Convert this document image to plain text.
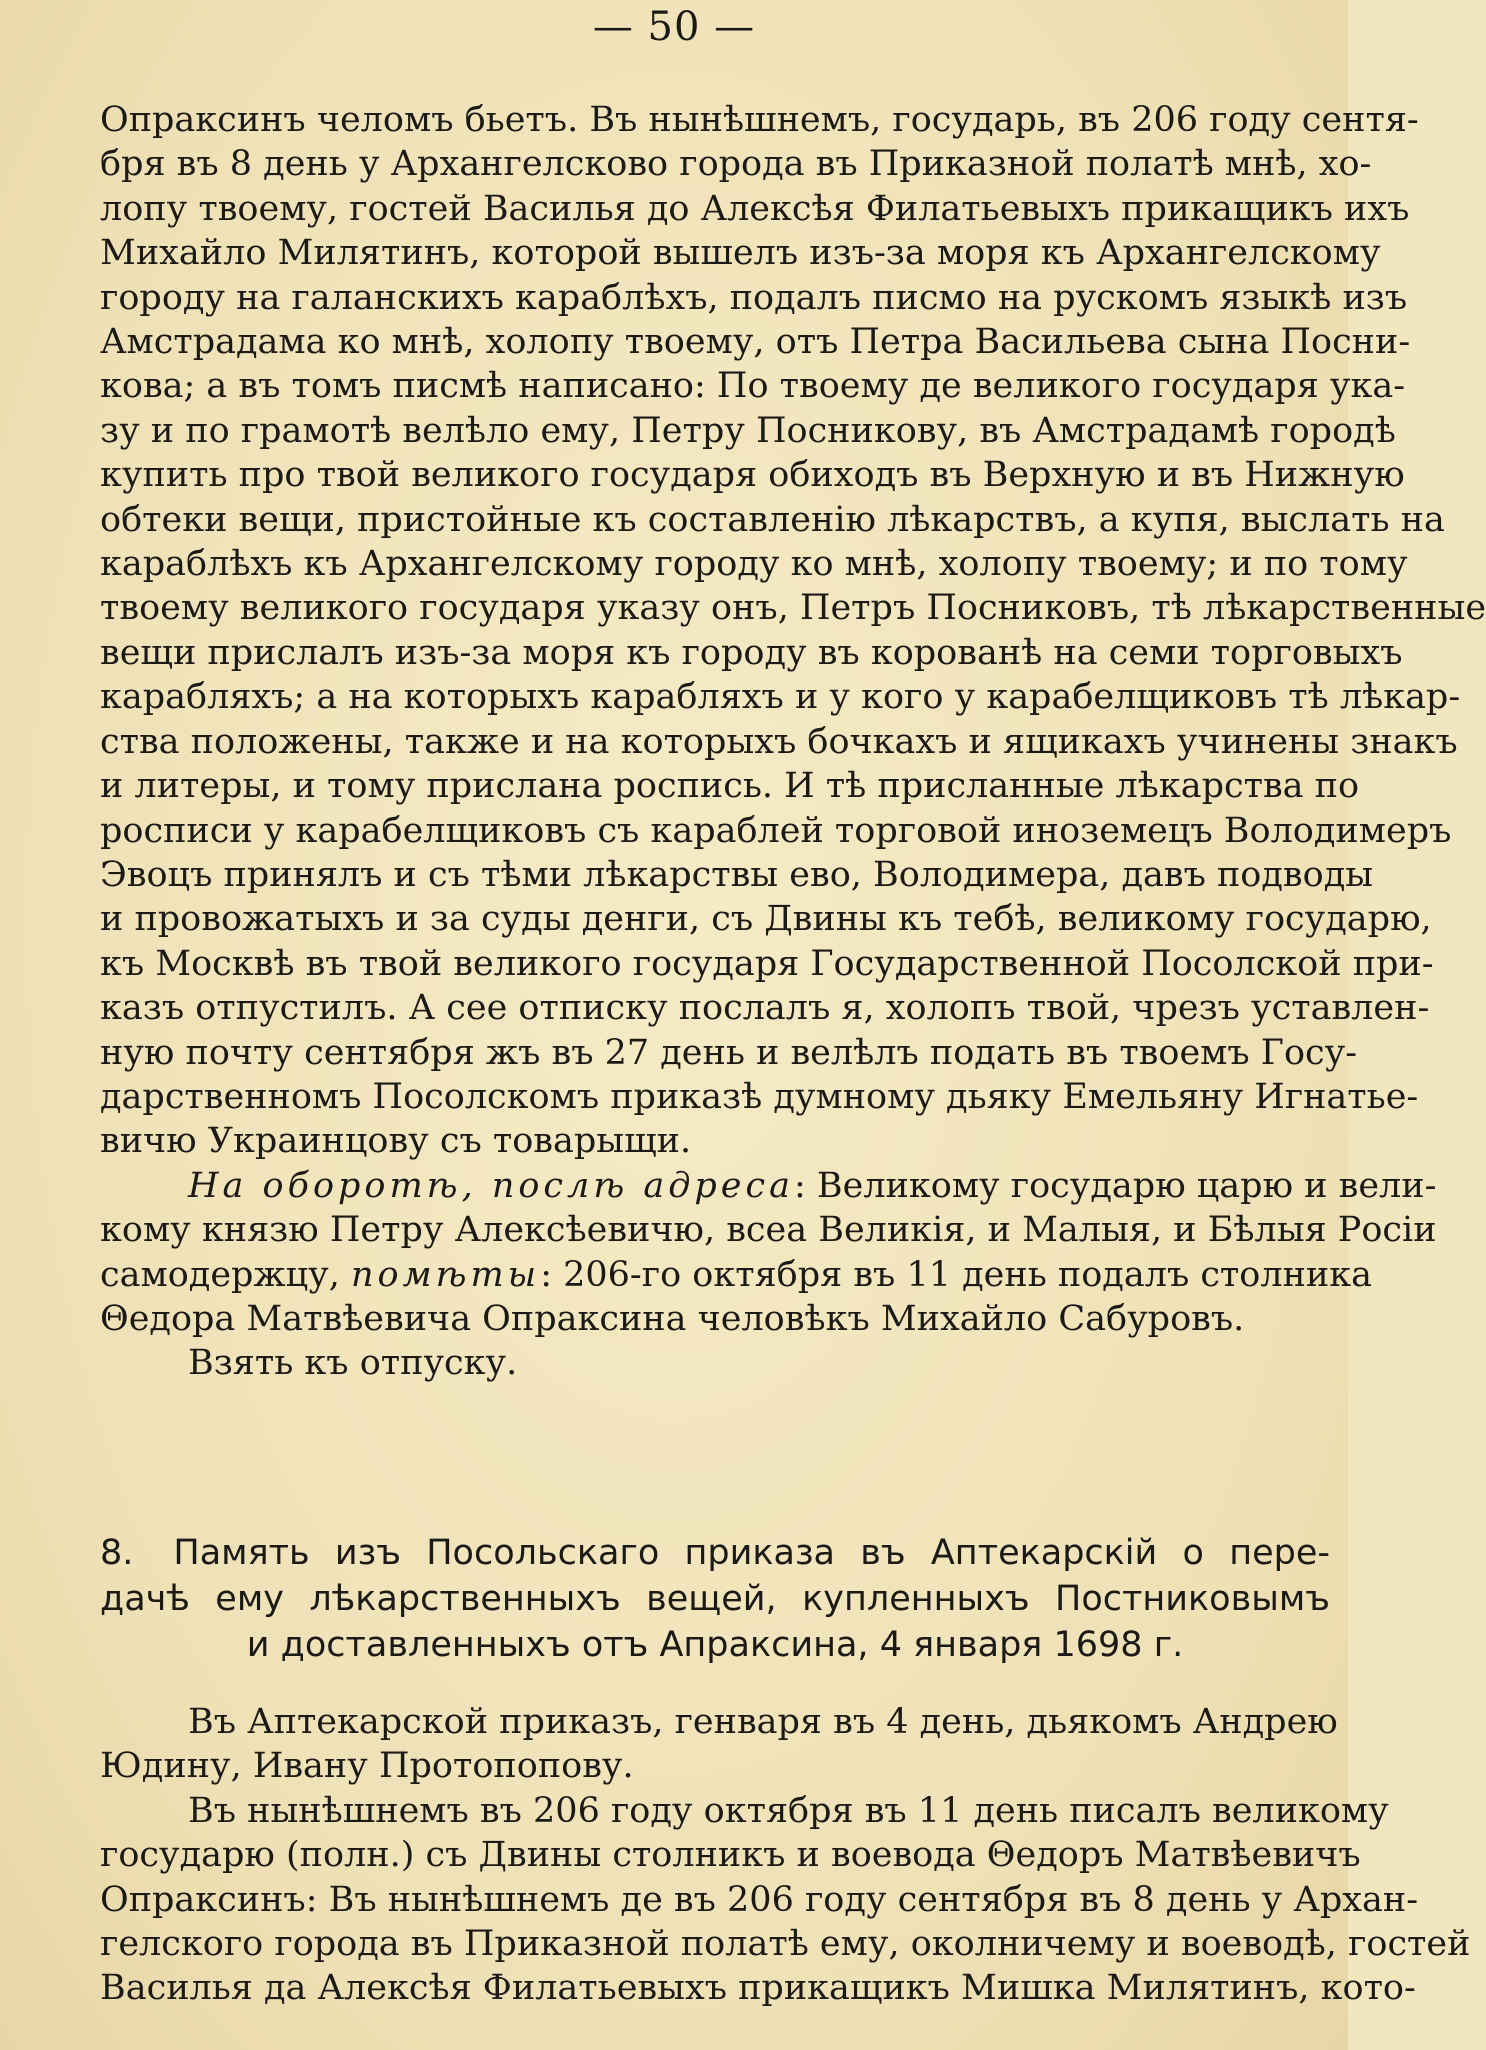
— 50 —

Опраксинъ челомъ бьетъ. Въ нынѣшнемъ, государь, въ 206 году сентя-
бря въ 8 день у Архангелсково города въ Приказной полатѣ мнѣ, хо-
лопу твоему, гостей Василья до Алексѣя Филатьевыхъ прикащикъ ихъ
Михайло Милятинъ, которой вышелъ изъ-за моря къ Архангелскому
городу на галанскихъ караблѣхъ, подалъ писмо на рускомъ языкѣ изъ
Амстрадама ко мнѣ, холопу твоему, отъ Петра Васильева сына Посни-
кова; а въ томъ писмѣ написано: По твоему де великого государя ука-
зу и по грамотѣ велѣло ему, Петру Посникову, въ Амстрадамѣ городѣ
купить про твой великого государя обиходъ въ Верхную и въ Нижную
обтеки вещи, пристойные къ составленiю лѣкарствъ, а купя, выслать на
караблѣхъ къ Архангелскому городу ко мнѣ, холопу твоему; и по тому
твоему великого государя указу онъ, Петръ Посниковъ, тѣ лѣкарственные
вещи прислалъ изъ-за моря къ городу въ корованѣ на семи торговыхъ
карабляхъ; а на которыхъ карабляхъ и у кого у карабелщиковъ тѣ лѣкар-
ства положены, также и на которыхъ бочкахъ и ящикахъ учинены знакъ
и литеры, и тому прислана роспись. И тѣ присланные лѣкарства по
росписи у карабелщиковъ съ караблей торговой иноземецъ Володимеръ
Эвоцъ принялъ и съ тѣми лѣкарствы ево, Володимера, давъ подводы
и провожатыхъ и за суды денги, съ Двины къ тебѣ, великому государю,
къ Москвѣ въ твой великого государя Государственной Посолской при-
казъ отпустилъ. А сее отписку послалъ я, холопъ твой, чрезъ уставлен-
ную почту сентября жъ въ 27 день и велѣлъ подать въ твоемъ Госу-
дарственномъ Посолскомъ приказѣ думному дьяку Емельяну Игнатье-
вичю Украинцову съ товарыщи.

На оборотѣ, послѣ адреса: Великому государю царю и вели-
кому князю Петру Алексѣевичю, всеа Великiя, и Малыя, и Бѣлыя Росiи
самодержцу, помѣты: 206-го октября въ 11 день подалъ столника
Θедора Матвѣевича Опраксина человѣкъ Михайло Сабуровъ.

Взять къ отпуску.

8. Память изъ Посольскаго приказа въ Аптекарскiй о пере-
дачѣ ему лѣкарственныхъ вещей, купленныхъ Постниковымъ
и доставленныхъ отъ Апраксина, 4 января 1698 г.

Въ Аптекарской приказъ, генваря въ 4 день, дьякомъ Андрею
Юдину, Ивану Протопопову.

Въ нынѣшнемъ въ 206 году октября въ 11 день писалъ великому
государю (полн.) съ Двины столникъ и воевода Θедоръ Матвѣевичъ
Опраксинъ: Въ нынѣшнемъ де въ 206 году сентября въ 8 день у Архан-
гелского города въ Приказной полатѣ ему, околничему и воеводѣ, гостей
Василья да Алексѣя Филатьевыхъ прикащикъ Мишка Милятинъ, кото-
